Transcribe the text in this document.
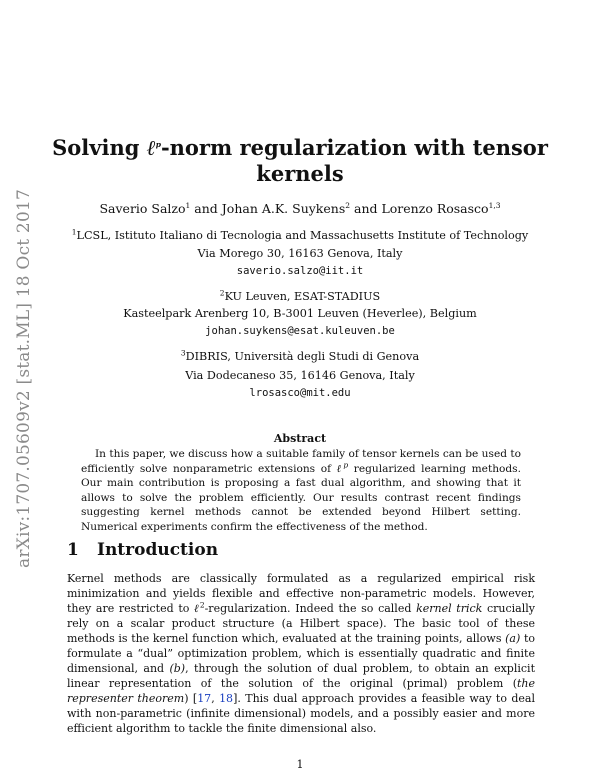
arXiv:1707.05609v2 [stat.ML] 18 Oct 2017
Solving ℓ$^p$-norm regularization with tensor
kernels
Saverio Salzo$^1$ and Johan A.K. Suykens$^2$ and Lorenzo Rosasco$^{1,3}$
$^1$LCSL, Istituto Italiano di Tecnologia and Massachusetts Institute of Technology
Via Morego 30, 16163 Genova, Italy
saverio.salzo@iit.it
$^2$KU Leuven, ESAT-STADIUS
Kasteelpark Arenberg 10, B-3001 Leuven (Heverlee), Belgium
johan.suykens@esat.kuleuven.be
$^3$DIBRIS, Università degli Studi di Genova
Via Dodecaneso 35, 16146 Genova, Italy
lrosasco@mit.edu
Abstract
In this paper, we discuss how a suitable family of tensor kernels can be used to efficiently solve nonparametric extensions of ℓ$^p$ regularized learning methods. Our main contribution is proposing a fast dual algorithm, and showing that it allows to solve the problem efficiently. Our results contrast recent findings suggesting kernel methods cannot be extended beyond Hilbert setting. Numerical experiments confirm the effectiveness of the method.
1 Introduction

Kernel methods are classically formulated as a regularized empirical risk minimization and yields flexible and effective non-parametric models. However, they are restricted to ℓ$^2$-regularization. Indeed the so called kernel trick crucially rely on a scalar product structure (a Hilbert space). The basic tool of these methods is the kernel function which, evaluated at the training points, allows (a) to formulate a “dual” optimization problem, which is essentially quadratic and finite dimensional, and (b), through the solution of dual problem, to obtain an explicit linear representation of the solution of the original (primal) problem (the representer theorem) [17, 18]. This dual approach provides a feasible way to deal with non-parametric (infinite dimensional) models, and a possibly easier and more efficient algorithm to tackle the finite dimensional also.

1
